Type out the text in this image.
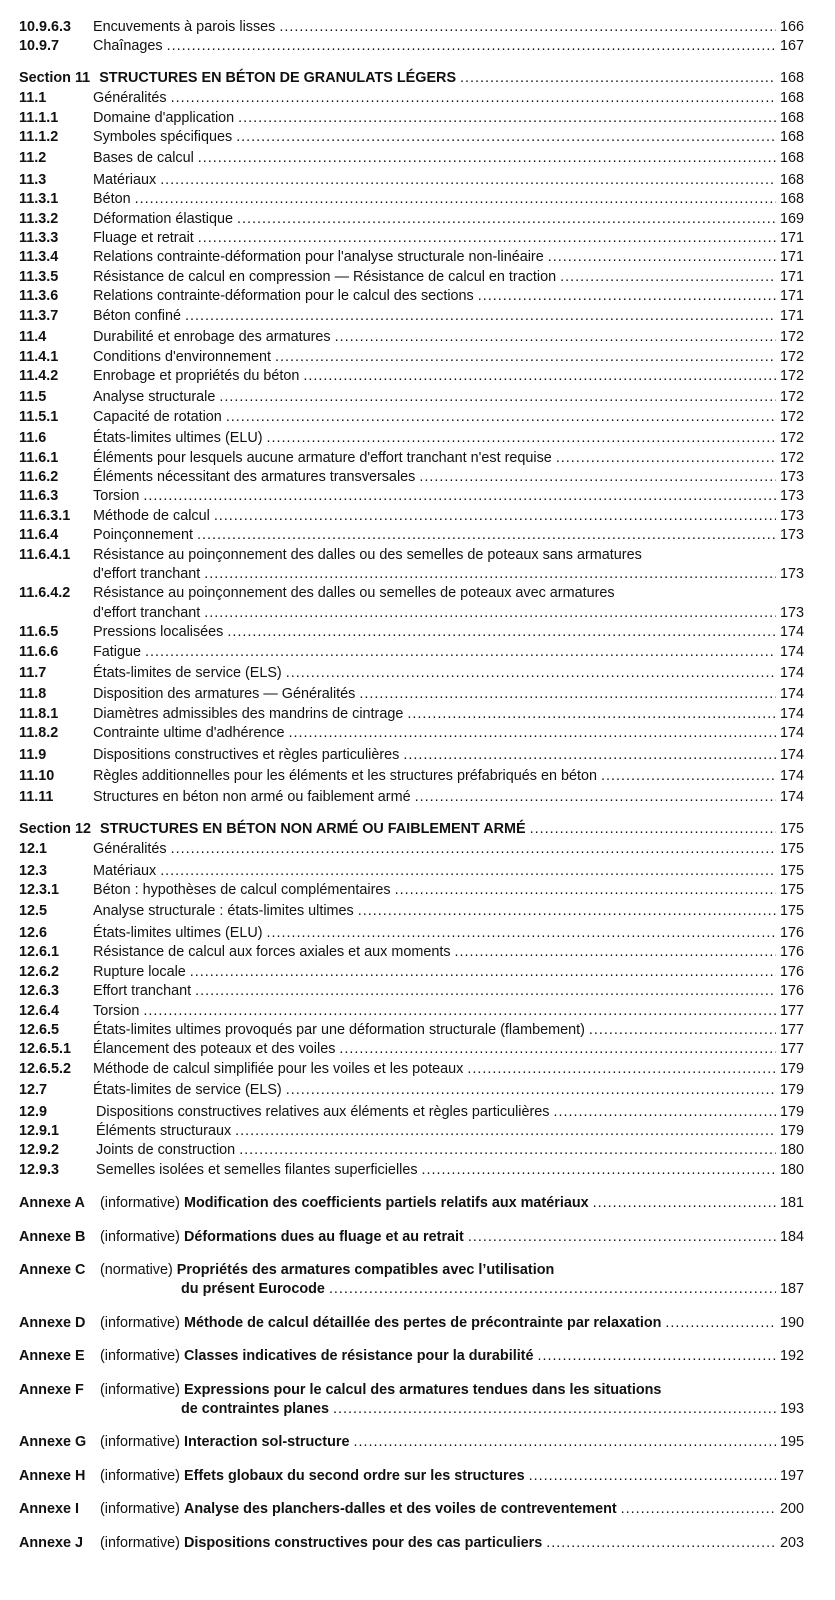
10.9.6.3	Encuvements à parois lisses .....	166
10.9.7	Chaînages .....	167
Section 11 STRUCTURES EN BÉTON DE GRANULATS LÉGERS .....	168
11.1	Généralités .....	168
11.1.1	Domaine d'application .....	168
11.1.2	Symboles spécifiques .....	168
11.2	Bases de calcul .....	168
11.3	Matériaux .....	168
11.3.1	Béton .....	168
11.3.2	Déformation élastique .....	169
11.3.3	Fluage et retrait .....	171
11.3.4	Relations contrainte-déformation pour l'analyse structurale non-linéaire .....	171
11.3.5	Résistance de calcul en compression — Résistance de calcul en traction .....	171
11.3.6	Relations contrainte-déformation pour le calcul des sections .....	171
11.3.7	Béton confiné .....	171
11.4	Durabilité et enrobage des armatures .....	172
11.4.1	Conditions d'environnement .....	172
11.4.2	Enrobage et propriétés du béton .....	172
11.5	Analyse structurale .....	172
11.5.1	Capacité de rotation .....	172
11.6	États-limites ultimes (ELU) .....	172
11.6.1	Éléments pour lesquels aucune armature d'effort tranchant n'est requise .....	172
11.6.2	Éléments nécessitant des armatures transversales .....	173
11.6.3	Torsion .....	173
11.6.3.1	Méthode de calcul .....	173
11.6.4	Poinçonnement .....	173
11.6.4.1	Résistance au poinçonnement des dalles ou des semelles de poteaux sans armatures
d'effort tranchant .....	173
11.6.4.2	Résistance au poinçonnement des dalles ou semelles de poteaux avec armatures
d'effort tranchant .....	173
11.6.5	Pressions localisées .....	174
11.6.6	Fatigue .....	174
11.7	États-limites de service (ELS) .....	174
11.8	Disposition des armatures — Généralités .....	174
11.8.1	Diamètres admissibles des mandrins de cintrage .....	174
11.8.2	Contrainte ultime d'adhérence .....	174
11.9	Dispositions constructives et règles particulières .....	174
11.10	Règles additionnelles pour les éléments et les structures préfabriqués en béton .....	174
11.11	Structures en béton non armé ou faiblement armé .....	174
Section 12 STRUCTURES EN BÉTON NON ARMÉ OU FAIBLEMENT ARMÉ .....	175
12.1	Généralités .....	175
12.3	Matériaux .....	175
12.3.1	Béton : hypothèses de calcul complémentaires .....	175
12.5	Analyse structurale : états-limites ultimes .....	175
12.6	États-limites ultimes (ELU) .....	176
12.6.1	Résistance de calcul aux forces axiales et aux moments .....	176
12.6.2	Rupture locale .....	176
12.6.3	Effort tranchant .....	176
12.6.4	Torsion .....	177
12.6.5	États-limites ultimes provoqués par une déformation structurale (flambement) .....	177
12.6.5.1	Élancement des poteaux et des voiles .....	177
12.6.5.2	Méthode de calcul simplifiée pour les voiles et les poteaux .....	179
12.7	États-limites de service (ELS) .....	179
12.9	Dispositions constructives relatives aux éléments et règles particulières .....	179
12.9.1	Éléments structuraux .....	179
12.9.2	Joints de construction .....	180
12.9.3	Semelles isolées et semelles filantes superficielles .....	180
Annexe A	(informative) Modification des coefficients partiels relatifs aux matériaux .....	181
Annexe B	(informative) Déformations dues au fluage et au retrait .....	184
Annexe C	(normative) Propriétés des armatures compatibles avec l’utilisation
du présent Eurocode .....	187
Annexe D	(informative) Méthode de calcul détaillée des pertes de précontrainte par relaxation .....	190
Annexe E	(informative) Classes indicatives de résistance pour la durabilité .....	192
Annexe F	(informative) Expressions pour le calcul des armatures tendues dans les situations
de contraintes planes .....	193
Annexe G (informative) Interaction sol-structure .....	195
Annexe H	(informative) Effets globaux du second ordre sur les structures .....	197
Annexe I	(informative) Analyse des planchers-dalles et des voiles de contreventement .....	200
Annexe J	(informative) Dispositions constructives pour des cas particuliers .....	203
